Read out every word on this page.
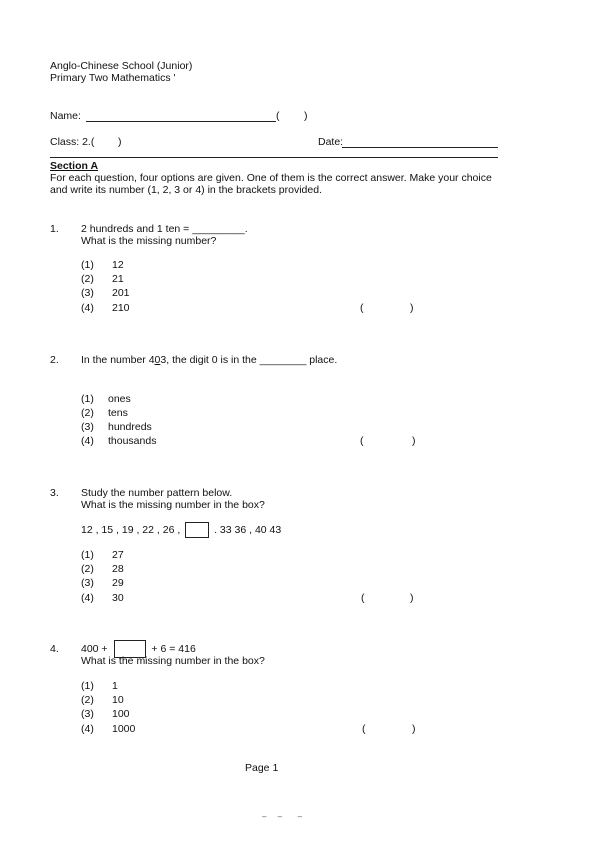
Anglo-Chinese School (Junior)
Primary Two Mathematics '
Name:	( )
Class: 2.( )	Date:
Section A
For each question, four options are given. One of them is the correct answer. Make your choice
and write its number (1, 2, 3 or 4) in the brackets provided.
1. 2 hundreds and 1 ten = _________.
What is the missing number?
(1) 12
(2) 21
(3) 201
(4) 210	(	)
2. In the number 403, the digit 0 is in the ________ place.
(1) ones
(2) tens
(3) hundreds
(4) thousands	(	)
3. Study the number pattern below.
What is the missing number in the box?
12 , 15 , 19 , 22 , 26 ,	. 33 36 , 40 43
(1) 27
(2) 28
(3) 29
(4) 30	(	)
4. 400 +	+ 6 = 416
What is the missing number in the box?
(1) 1
(2) 10
(3) 100
(4) 1000	(	)
Page 1
–     –       –
